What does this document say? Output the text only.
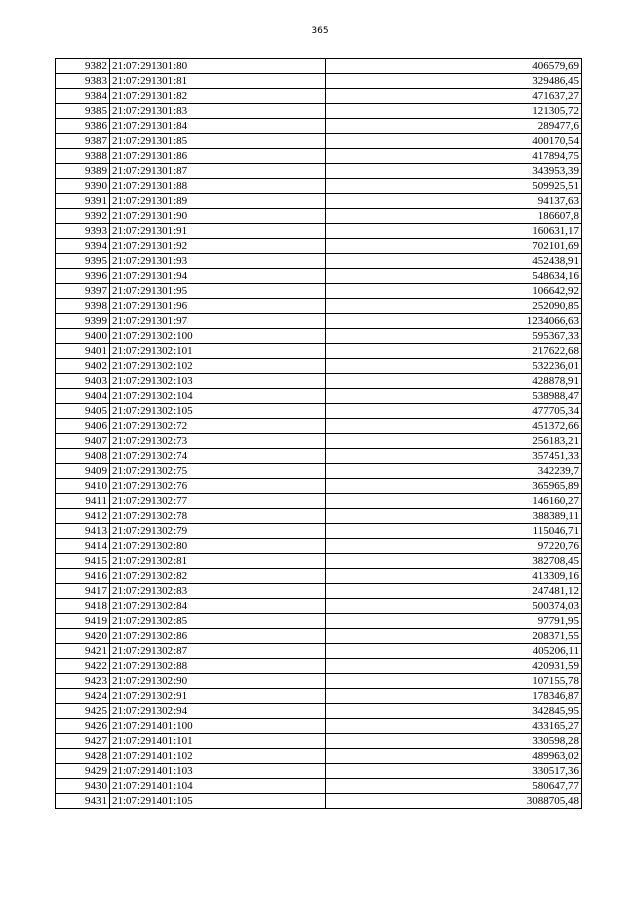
365
9382	21:07:291301:80	406579,69
9383	21:07:291301:81	329486,45
9384	21:07:291301:82	471637,27
9385	21:07:291301:83	121305,72
9386	21:07:291301:84	289477,6
9387	21:07:291301:85	400170,54
9388	21:07:291301:86	417894,75
9389	21:07:291301:87	343953,39
9390	21:07:291301:88	509925,51
9391	21:07:291301:89	94137,63
9392	21:07:291301:90	186607,8
9393	21:07:291301:91	160631,17
9394	21:07:291301:92	702101,69
9395	21:07:291301:93	452438,91
9396	21:07:291301:94	548634,16
9397	21:07:291301:95	106642,92
9398	21:07:291301:96	252090,85
9399	21:07:291301:97	1234066,63
9400	21:07:291302:100	595367,33
9401	21:07:291302:101	217622,68
9402	21:07:291302:102	532236,01
9403	21:07:291302:103	428878,91
9404	21:07:291302:104	538988,47
9405	21:07:291302:105	477705,34
9406	21:07:291302:72	451372,66
9407	21:07:291302:73	256183,21
9408	21:07:291302:74	357451,33
9409	21:07:291302:75	342239,7
9410	21:07:291302:76	365965,89
9411	21:07:291302:77	146160,27
9412	21:07:291302:78	388389,11
9413	21:07:291302:79	115046,71
9414	21:07:291302:80	97220,76
9415	21:07:291302:81	382708,45
9416	21:07:291302:82	413309,16
9417	21:07:291302:83	247481,12
9418	21:07:291302:84	500374,03
9419	21:07:291302:85	97791,95
9420	21:07:291302:86	208371,55
9421	21:07:291302:87	405206,11
9422	21:07:291302:88	420931,59
9423	21:07:291302:90	107155,78
9424	21:07:291302:91	178346,87
9425	21:07:291302:94	342845,95
9426	21:07:291401:100	433165,27
9427	21:07:291401:101	330598,28
9428	21:07:291401:102	489963,02
9429	21:07:291401:103	330517,36
9430	21:07:291401:104	580647,77
9431	21:07:291401:105	3088705,48
